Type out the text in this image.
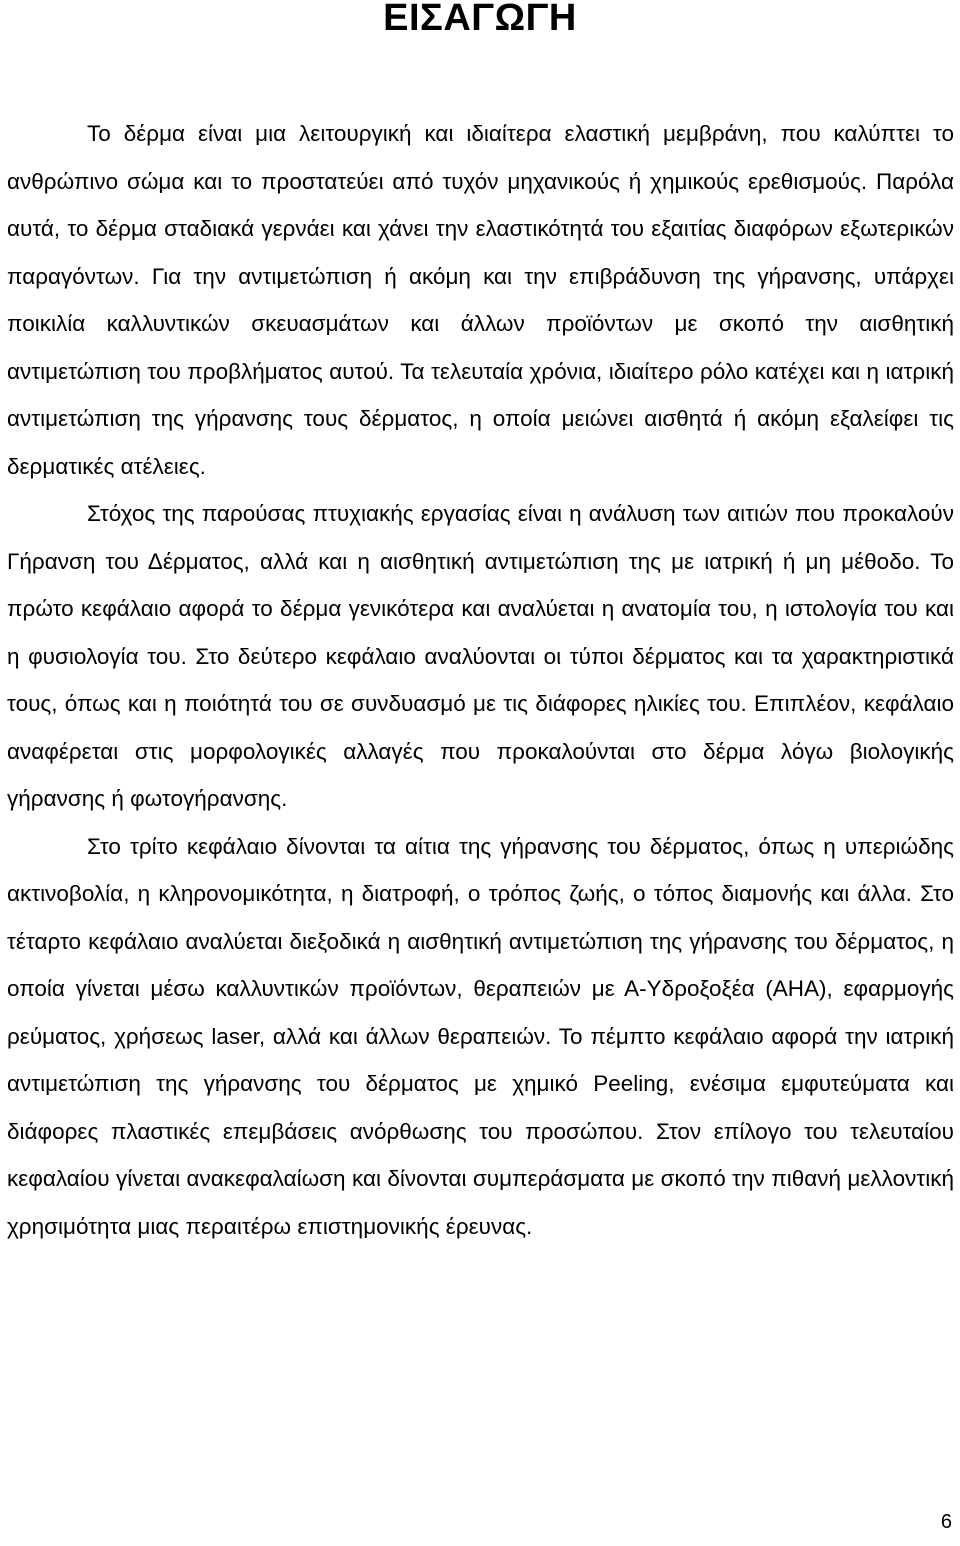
ΕΙΣΑΓΩΓΗ

Το δέρμα είναι μια λειτουργική και ιδιαίτερα ελαστική μεμβράνη, που καλύπτει το ανθρώπινο σώμα και το προστατεύει από τυχόν μηχανικούς ή χημικούς ερεθισμούς. Παρόλα αυτά, το δέρμα σταδιακά γερνάει και χάνει την ελαστικότητά του εξαιτίας διαφόρων εξωτερικών παραγόντων. Για την αντιμετώπιση ή ακόμη και την επιβράδυνση της γήρανσης, υπάρχει ποικιλία καλλυντικών σκευασμάτων και άλλων προϊόντων με σκοπό την αισθητική αντιμετώπιση του προβλήματος αυτού. Τα τελευταία χρόνια, ιδιαίτερο ρόλο κατέχει και η ιατρική αντιμετώπιση της γήρανσης τους δέρματος, η οποία μειώνει αισθητά ή ακόμη εξαλείφει τις δερματικές ατέλειες.

Στόχος της παρούσας πτυχιακής εργασίας είναι η ανάλυση των αιτιών που προκαλούν Γήρανση του Δέρματος, αλλά και η αισθητική αντιμετώπιση της με ιατρική ή μη μέθοδο. Το πρώτο κεφάλαιο αφορά το δέρμα γενικότερα και αναλύεται η ανατομία του, η ιστολογία του και η φυσιολογία του. Στο δεύτερο κεφάλαιο αναλύονται οι τύποι δέρματος και τα χαρακτηριστικά τους, όπως και η ποιότητά του σε συνδυασμό με τις διάφορες ηλικίες του. Επιπλέον, κεφάλαιο αναφέρεται στις μορφολογικές αλλαγές που προκαλούνται στο δέρμα λόγω βιολογικής γήρανσης ή φωτογήρανσης.

Στο τρίτο κεφάλαιο δίνονται τα αίτια της γήρανσης του δέρματος, όπως η υπεριώδης ακτινοβολία, η κληρονομικότητα, η διατροφή, ο τρόπος ζωής, ο τόπος διαμονής και άλλα. Στο τέταρτο κεφάλαιο αναλύεται διεξοδικά η αισθητική αντιμετώπιση της γήρανσης του δέρματος, η οποία γίνεται μέσω καλλυντικών προϊόντων, θεραπειών με Α-Υδροξοξέα (ΑΗΑ), εφαρμογής ρεύματος, χρήσεως laser, αλλά και άλλων θεραπειών. Το πέμπτο κεφάλαιο αφορά την ιατρική αντιμετώπιση της γήρανσης του δέρματος με χημικό Peeling, ενέσιμα εμφυτεύματα και διάφορες πλαστικές επεμβάσεις ανόρθωσης του προσώπου. Στον επίλογο του τελευταίου κεφαλαίου γίνεται ανακεφαλαίωση και δίνονται συμπεράσματα με σκοπό την πιθανή μελλοντική χρησιμότητα μιας περαιτέρω επιστημονικής έρευνας.

6
